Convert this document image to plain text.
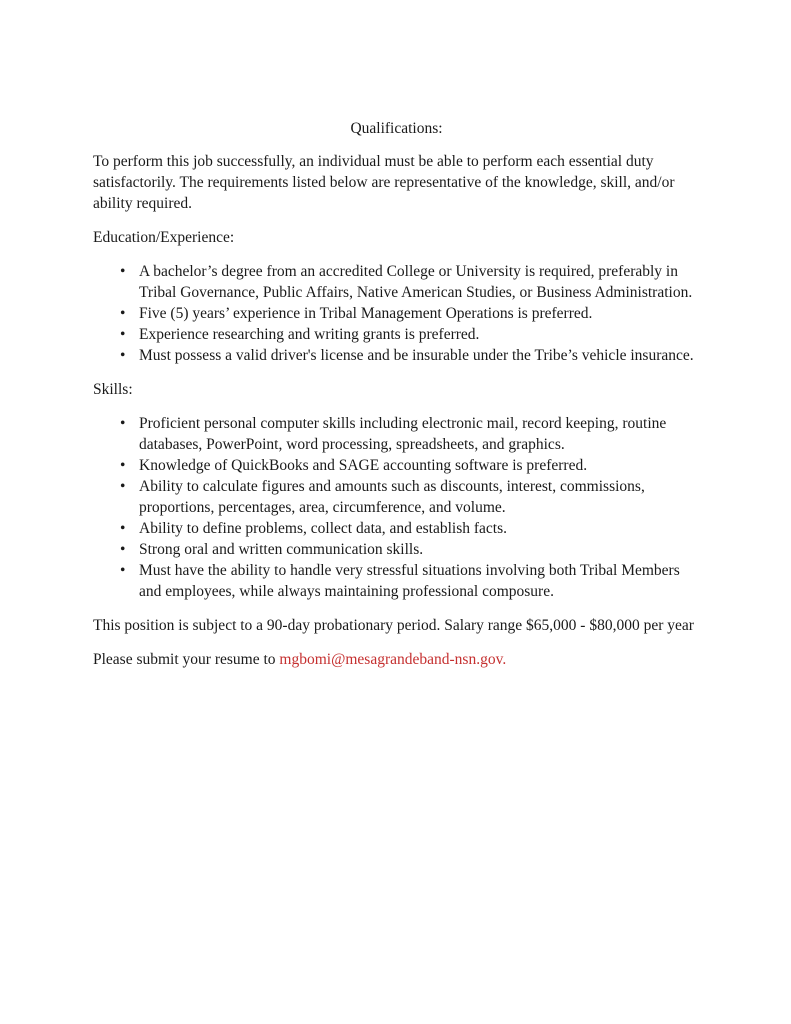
Qualifications:

To perform this job successfully, an individual must be able to perform each essential duty satisfactorily. The requirements listed below are representative of the knowledge, skill, and/or ability required.

Education/Experience:

• A bachelor’s degree from an accredited College or University is required, preferably in Tribal Governance, Public Affairs, Native American Studies, or Business Administration.
• Five (5) years’ experience in Tribal Management Operations is preferred.
• Experience researching and writing grants is preferred.
• Must possess a valid driver's license and be insurable under the Tribe’s vehicle insurance.

Skills:

• Proficient personal computer skills including electronic mail, record keeping, routine databases, PowerPoint, word processing, spreadsheets, and graphics.
• Knowledge of QuickBooks and SAGE accounting software is preferred.
• Ability to calculate figures and amounts such as discounts, interest, commissions, proportions, percentages, area, circumference, and volume.
• Ability to define problems, collect data, and establish facts.
• Strong oral and written communication skills.
• Must have the ability to handle very stressful situations involving both Tribal Members and employees, while always maintaining professional composure.

This position is subject to a 90-day probationary period. Salary range $65,000 - $80,000 per year

Please submit your resume to mgbomi@mesagrandeband-nsn.gov.
